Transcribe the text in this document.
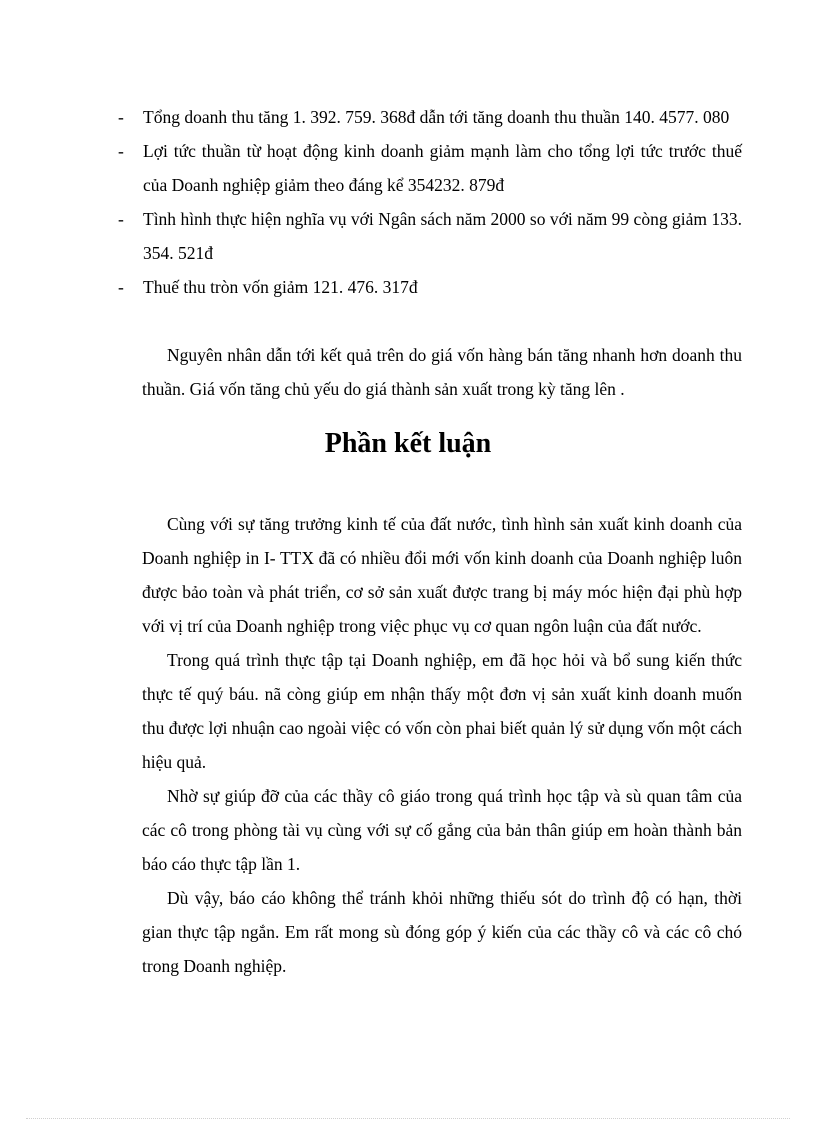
- Tổng doanh thu tăng 1. 392. 759. 368đ dẫn tới tăng doanh thu thuần 140. 4577. 080
- Lợi tức thuần từ hoạt động kinh doanh giảm mạnh làm cho tổng lợi tức trước thuế của Doanh nghiệp giảm theo đáng kể 354232. 879đ
- Tình hình thực hiện nghĩa vụ với Ngân sách năm 2000 so với năm 99 còng giảm 133. 354. 521đ
- Thuế thu tròn vốn giảm 121. 476. 317đ

Nguyên nhân dẫn tới kết quả trên do giá vốn hàng bán tăng nhanh hơn doanh thu thuần. Giá vốn tăng chủ yếu do giá thành sản xuất trong kỳ tăng lên .

Phần kết luận

Cùng với sự tăng trưởng kinh tế của đất nước, tình hình sản xuất kinh doanh của Doanh nghiệp in I- TTX đã có nhiều đổi mới vốn kinh doanh của Doanh nghiệp luôn được bảo toàn và phát triển, cơ sở sản xuất được trang bị máy móc hiện đại phù hợp với vị trí của Doanh nghiệp trong việc phục vụ cơ quan ngôn luận của đất nước.

Trong quá trình thực tập tại Doanh nghiệp, em đã học hỏi và bổ sung kiến thức thực tế quý báu. nã còng giúp em nhận thấy một đơn vị sản xuất kinh doanh muốn thu được lợi nhuận cao ngoài việc có vốn còn phai biết quản lý sử dụng vốn một cách hiệu quả.

Nhờ sự giúp đỡ của các thầy cô giáo trong quá trình học tập và sù quan tâm của các cô trong phòng tài vụ cùng với sự cố gắng của bản thân giúp em hoàn thành bản báo cáo thực tập lần 1.

Dù vậy, báo cáo không thể tránh khỏi những thiếu sót do trình độ có hạn, thời gian thực tập ngắn. Em rất mong sù đóng góp ý kiến của các thầy cô và các cô chó trong Doanh nghiệp.
